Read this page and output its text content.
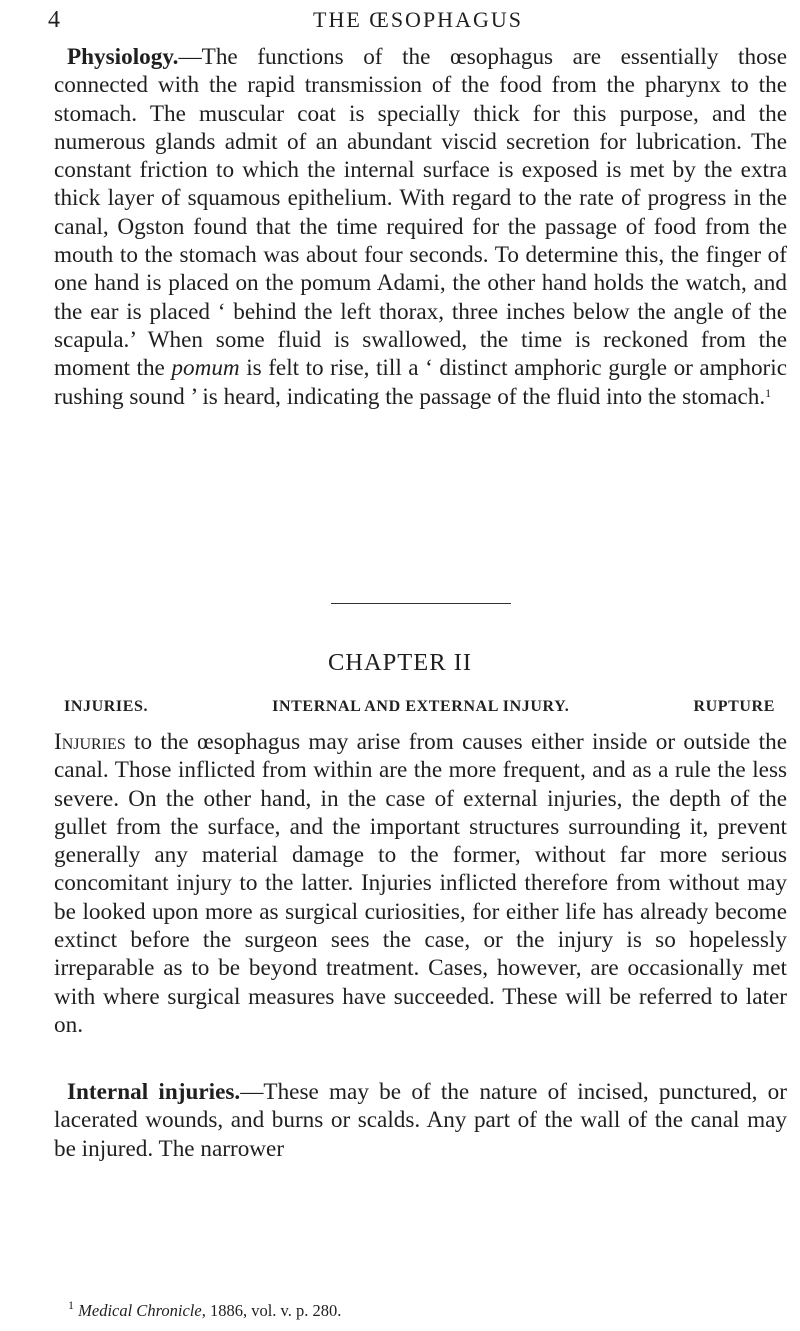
4	THE ŒSOPHAGUS

Physiology.—The functions of the œsophagus are essentially those connected with the rapid transmission of the food from the pharynx to the stomach. The muscular coat is specially thick for this purpose, and the numerous glands admit of an abundant viscid secretion for lubrication. The constant friction to which the internal surface is exposed is met by the extra thick layer of squamous epithelium. With regard to the rate of progress in the canal, Ogston found that the time required for the passage of food from the mouth to the stomach was about four seconds. To determine this, the finger of one hand is placed on the pomum Adami, the other hand holds the watch, and the ear is placed ‘ behind the left thorax, three inches below the angle of the scapula.’ When some fluid is swallowed, the time is reckoned from the moment the pomum is felt to rise, till a ‘ distinct amphoric gurgle or amphoric rushing sound ’ is heard, indicating the passage of the fluid into the stomach.$^1$

CHAPTER II
INJURIES.	INTERNAL AND EXTERNAL INJURY.	RUPTURE

Injuries to the œsophagus may arise from causes either inside or outside the canal. Those inflicted from within are the more frequent, and as a rule the less severe. On the other hand, in the case of external injuries, the depth of the gullet from the surface, and the important structures surrounding it, prevent generally any material damage to the former, without far more serious concomitant injury to the latter. Injuries inflicted therefore from without may be looked upon more as surgical curiosities, for either life has already become extinct before the surgeon sees the case, or the injury is so hopelessly irreparable as to be beyond treatment. Cases, however, are occasionally met with where surgical measures have succeeded. These will be referred to later on.

Internal injuries.—These may be of the nature of incised, punctured, or lacerated wounds, and burns or scalds. Any part of the wall of the canal may be injured. The narrower

$^1$ Medical Chronicle, 1886, vol. v. p. 280.
